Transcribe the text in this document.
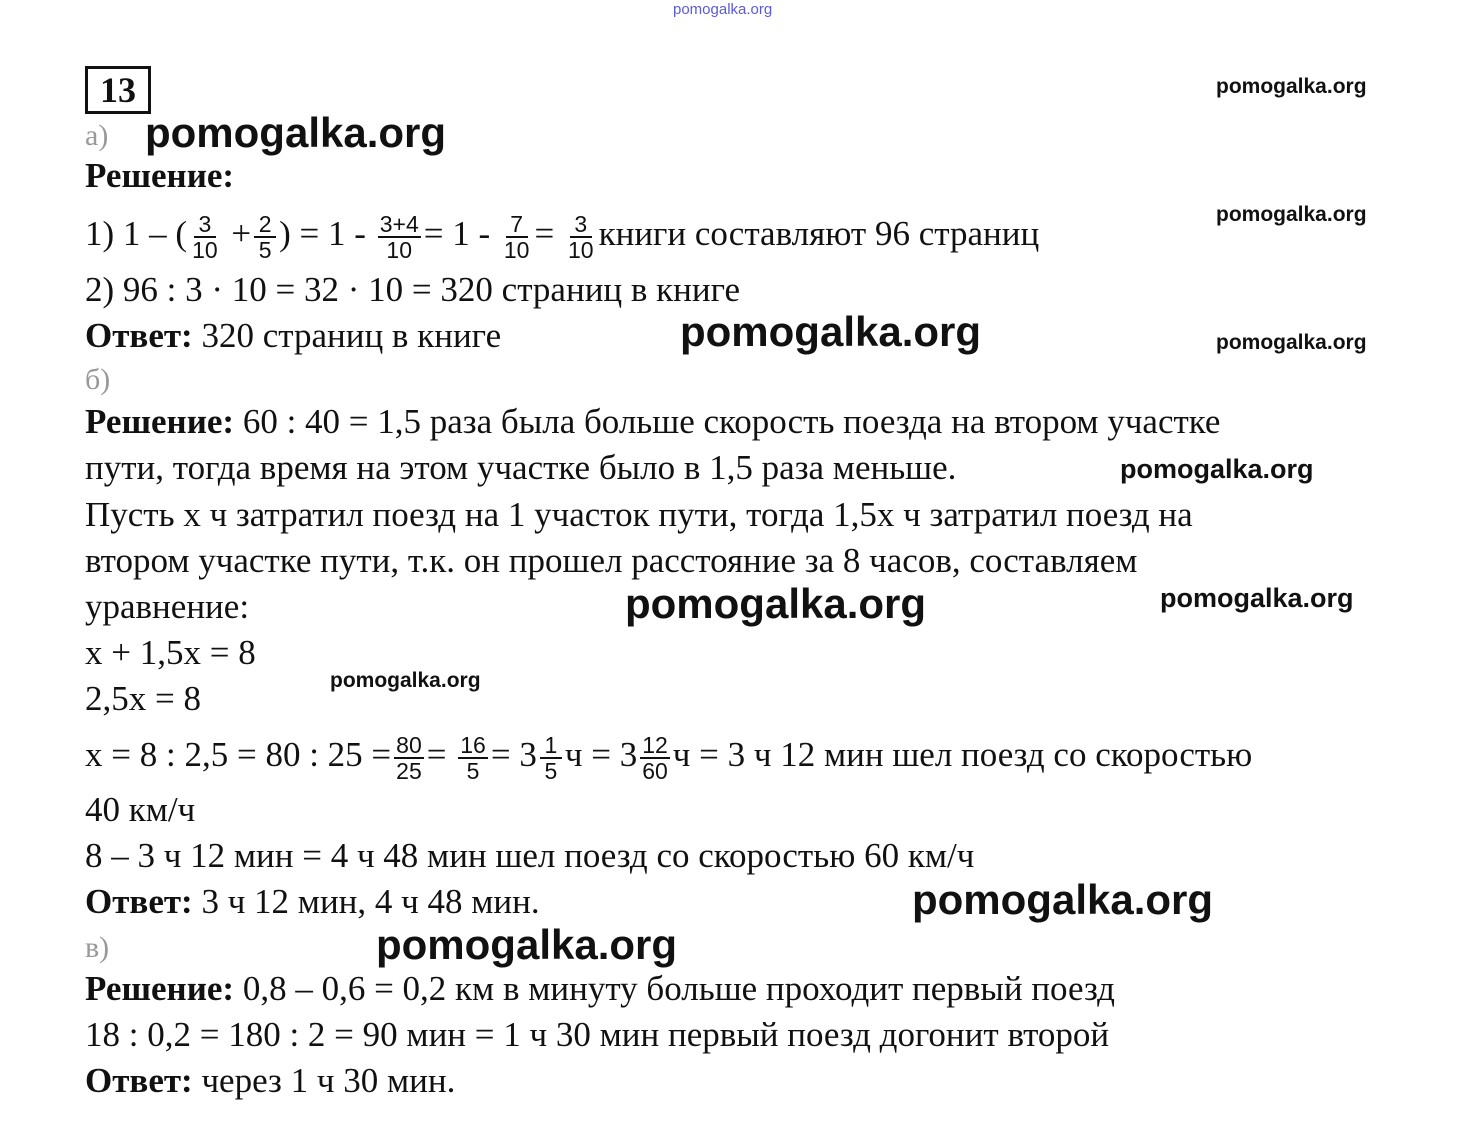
pomogalka.org
13
а)
Решение:
1) 1 – ( $\frac{3}{10} + \frac{2}{5}$ ) = $1 - \frac{3+4}{10} = 1 - \frac{7}{10} = \frac{3}{10}$ книги составляют 96 страниц
2) 96 : 3 · 10 = 32 · 10 = 320 страниц в книге
Ответ: 320 страниц в книге
б)
Решение: 60 : 40 = 1,5 раза была больше скорость поезда на втором участке
пути, тогда время на этом участке было в 1,5 раза меньше.
Пусть x ч затратил поезд на 1 участок пути, тогда 1,5x ч затратил поезд на
втором участке пути, т.к. он прошел расстояние за 8 часов, составляем
уравнение:
x + 1,5x = 8
2,5x = 8
x = 8 : 2,5 = 80 : $25 = \frac{80}{25} = \frac{16}{5} = 3 \frac{1}{5}$ $ч = 3 \frac{12}{60}$ ч = 3 ч 12 мин шел поезд со скоростью
40 км/ч
8 – 3 ч 12 мин = 4 ч 48 мин шел поезд со скоростью 60 км/ч
Ответ: 3 ч 12 мин, 4 ч 48 мин.
в)
Решение: 0,8 – 0,6 = 0,2 км в минуту больше проходит первый поезд
18 : 0,2 = 180 : 2 = 90 мин = 1 ч 30 мин первый поезд догонит второй
Ответ: через 1 ч 30 мин.
pomogalka.org
pomogalka.org
pomogalka.org
pomogalka.org	pomogalka.org
pomogalka.org
pomogalka.org	pomogalka.org
pomogalka.org
pomogalka.org
pomogalka.org
